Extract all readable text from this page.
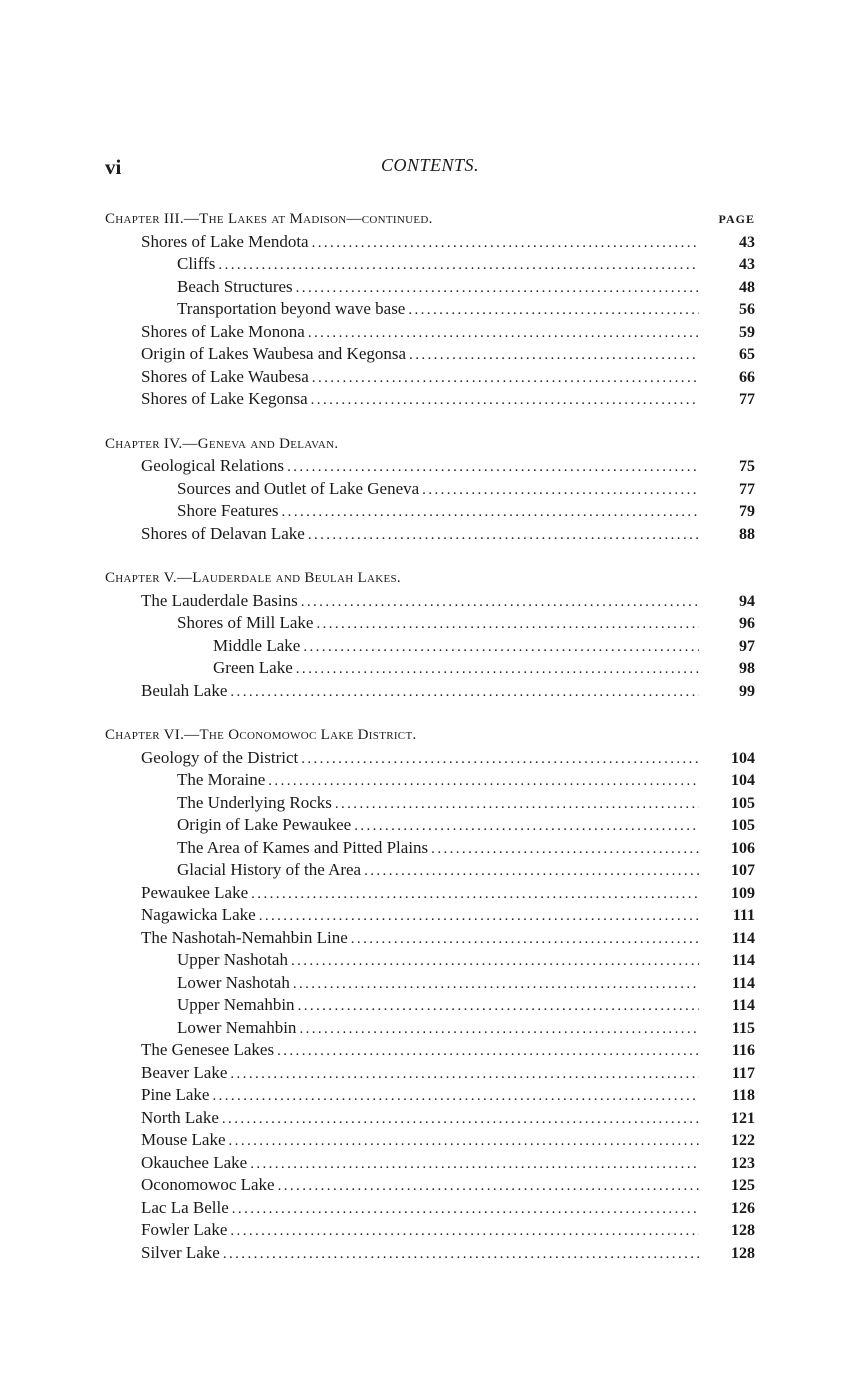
vi	CONTENTS.
Chapter III.—The Lakes at Madison—continued.	PAGE
Shores of Lake Mendota .....	43
Cliffs .....	43
Beach Structures .....	48
Transportation beyond wave base .....	56
Shores of Lake Monona .....	59
Origin of Lakes Waubesa and Kegonsa .....	65
Shores of Lake Waubesa .....	66
Shores of Lake Kegonsa .....	77
Chapter IV.—Geneva and Delavan.
Geological Relations .....	75
Sources and Outlet of Lake Geneva .....	77
Shore Features .....	79
Shores of Delavan Lake .....	88
Chapter V.—Lauderdale and Beulah Lakes.
The Lauderdale Basins .....	94
Shores of Mill Lake .....	96
Middle Lake .....	97
Green Lake .....	98
Beulah Lake .....	99
Chapter VI.—The Oconomowoc Lake District.
Geology of the District .....	104
The Moraine .....	104
The Underlying Rocks .....	105
Origin of Lake Pewaukee .....	105
The Area of Kames and Pitted Plains .....	106
Glacial History of the Area .....	107
Pewaukee Lake .....	109
Nagawicka Lake .....	111
The Nashotah-Nemahbin Line .....	114
Upper Nashotah .....	114
Lower Nashotah .....	114
Upper Nemahbin .....	114
Lower Nemahbin .....	115
The Genesee Lakes .....	116
Beaver Lake .....	117
Pine Lake .....	118
North Lake .....	121
Mouse Lake .....	122
Okauchee Lake .....	123
Oconomowoc Lake .....	125
Lac La Belle .....	126
Fowler Lake .....	128
Silver Lake .....	128
